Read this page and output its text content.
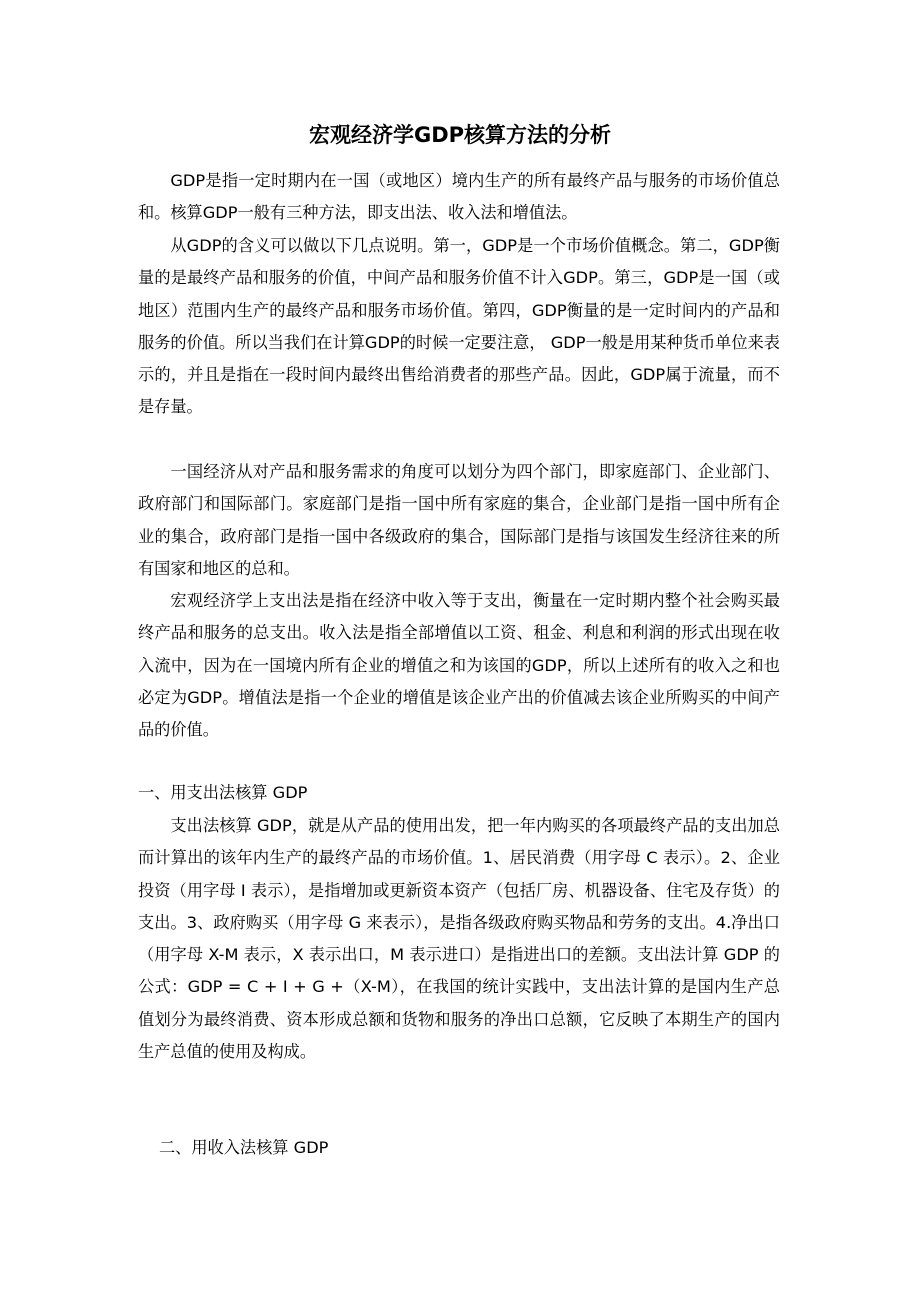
宏观经济学GDP核算方法的分析

GDP是指一定时期内在一国（或地区）境内生产的所有最终产品与服务的市场价值总和。核算GDP一般有三种方法，即支出法、收入法和增值法。

从GDP的含义可以做以下几点说明。第一，GDP是一个市场价值概念。第二，GDP衡量的是最终产品和服务的价值，中间产品和服务价值不计入GDP。第三，GDP是一国（或地区）范围内生产的最终产品和服务市场价值。第四，GDP衡量的是一定时间内的产品和服务的价值。所以当我们在计算GDP的时候一定要注意， GDP一般是用某种货币单位来表示的，并且是指在一段时间内最终出售给消费者的那些产品。因此，GDP属于流量，而不是存量。

一国经济从对产品和服务需求的角度可以划分为四个部门，即家庭部门、企业部门、政府部门和国际部门。家庭部门是指一国中所有家庭的集合，企业部门是指一国中所有企业的集合，政府部门是指一国中各级政府的集合，国际部门是指与该国发生经济往来的所有国家和地区的总和。

宏观经济学上支出法是指在经济中收入等于支出，衡量在一定时期内整个社会购买最终产品和服务的总支出。收入法是指全部增值以工资、租金、利息和利润的形式出现在收入流中，因为在一国境内所有企业的增值之和为该国的GDP，所以上述所有的收入之和也必定为GDP。增值法是指一个企业的增值是该企业产出的价值减去该企业所购买的中间产品的价值。

一、用支出法核算 GDP

支出法核算 GDP，就是从产品的使用出发，把一年内购买的各项最终产品的支出加总而计算出的该年内生产的最终产品的市场价值。1、居民消费（用字母 C 表示）。2、企业投资（用字母 I 表示），是指增加或更新资本资产（包括厂房、机器设备、住宅及存货）的支出。3、政府购买（用字母 G 来表示），是指各级政府购买物品和劳务的支出。4.净出口（用字母 X-M 表示，X 表示出口，M 表示进口）是指进出口的差额。支出法计算 GDP 的公式：GDP = C + I + G +（X-M），在我国的统计实践中，支出法计算的是国内生产总值划分为最终消费、资本形成总额和货物和服务的净出口总额，它反映了本期生产的国内生产总值的使用及构成。

二、用收入法核算 GDP
